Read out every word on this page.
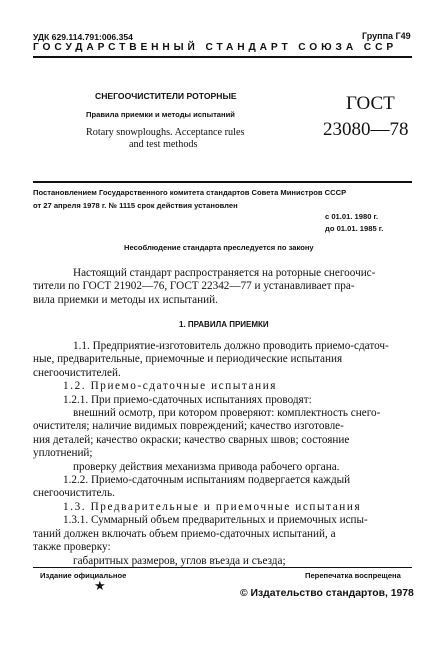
УДК 629.114.791:006.354	Группа Г49
ГОСУДАРСТВЕННЫЙ СТАНДАРТ СОЮЗА ССР
СНЕГООЧИСТИТЕЛИ РОТОРНЫЕ
Правила приемки и методы испытаний
Rotary snowploughs. Acceptance rules
and test methods
ГОСТ
23080—78
Постановлением Государственного комитета стандартов Совета Министров СССР
от 27 апреля 1978 г. № 1115 срок действия установлен
с 01.01. 1980 г.
до 01.01. 1985 г.
Несоблюдение стандарта преследуется по закону
Настоящий стандарт распространяется на роторные снегоочис-
тители по ГОСТ 21902—76, ГОСТ 22342—77 и устанавливает пра-
вила приемки и методы их испытаний.
1. ПРАВИЛА ПРИЕМКИ
1.1. Предприятие-изготовитель должно проводить приемо-сдаточ-
ные, предварительные, приемочные и периодические испытания
снегоочистителей.
1.2. Приемо-сдаточные испытания
1.2.1. При приемо-сдаточных испытаниях проводят:
внешний осмотр, при котором проверяют: комплектность снего-
очистителя; наличие видимых повреждений; качество изготовле-
ния деталей; качество окраски; качество сварных швов; состояние
уплотнений;
проверку действия механизма привода рабочего органа.
1.2.2. Приемо-сдаточным испытаниям подвергается каждый
снегоочиститель.
1.3. Предварительные и приемочные испытания
1.3.1. Суммарный объем предварительных и приемочных испы-
таний должен включать объем приемо-сдаточных испытаний, а
также проверку:
габаритных размеров, углов въезда и съезда;
Издание официальное	Перепечатка воспрещена
★
© Издательство стандартов, 1978
